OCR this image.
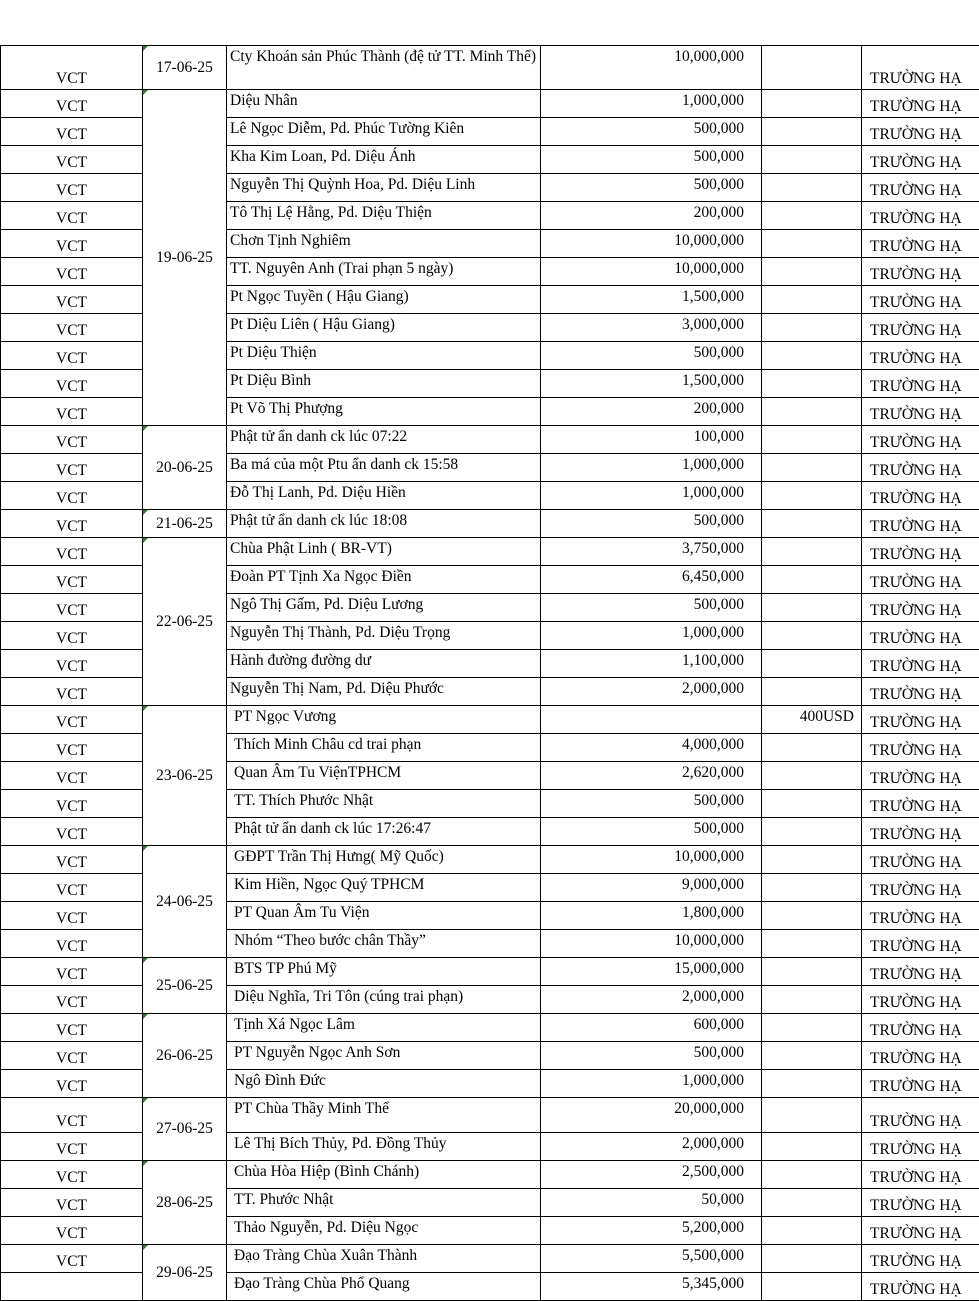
VCT	17-06-25	Cty Khoán sản Phúc Thành (đệ tử TT. Minh Thể)	10,000,000		TRƯỜNG HẠ
VCT	19-06-25	Diệu Nhân	1,000,000		TRƯỜNG HẠ
VCT		Lê Ngọc Diễm, Pd. Phúc Tường Kiên	500,000		TRƯỜNG HẠ
VCT		Kha Kim Loan, Pd. Diệu Ánh	500,000		TRƯỜNG HẠ
VCT		Nguyễn Thị Quỳnh Hoa, Pd. Diệu Linh	500,000		TRƯỜNG HẠ
VCT		Tô Thị Lệ Hằng, Pd. Diệu Thiện	200,000		TRƯỜNG HẠ
VCT		Chơn Tịnh Nghiêm	10,000,000		TRƯỜNG HẠ
VCT		TT. Nguyên Anh (Trai phạn 5 ngày)	10,000,000		TRƯỜNG HẠ
VCT		Pt Ngọc Tuyền ( Hậu Giang)	1,500,000		TRƯỜNG HẠ
VCT		Pt Diệu Liên ( Hậu Giang)	3,000,000		TRƯỜNG HẠ
VCT		Pt Diệu Thiện	500,000		TRƯỜNG HẠ
VCT		Pt Diệu Bình	1,500,000		TRƯỜNG HẠ
VCT		Pt Võ Thị Phượng	200,000		TRƯỜNG HẠ
VCT	20-06-25	Phật tử ẩn danh ck lúc 07:22	100,000		TRƯỜNG HẠ
VCT		Ba má của một Ptu ẩn danh ck 15:58	1,000,000		TRƯỜNG HẠ
VCT		Đỗ Thị Lanh, Pd. Diệu Hiền	1,000,000		TRƯỜNG HẠ
VCT	21-06-25	Phật tử ẩn danh ck lúc 18:08	500,000		TRƯỜNG HẠ
VCT	22-06-25	Chùa Phật Linh ( BR-VT)	3,750,000		TRƯỜNG HẠ
VCT		Đoàn PT Tịnh Xa Ngọc Điền	6,450,000		TRƯỜNG HẠ
VCT		Ngô Thị Gấm, Pd. Diệu Lương	500,000		TRƯỜNG HẠ
VCT		Nguyễn Thị Thành, Pd. Diệu Trọng	1,000,000		TRƯỜNG HẠ
VCT		Hành đường đường dư	1,100,000		TRƯỜNG HẠ
VCT		Nguyễn Thị Nam, Pd. Diệu Phước	2,000,000		TRƯỜNG HẠ
VCT	23-06-25	PT Ngọc Vương		400USD	TRƯỜNG HẠ
VCT		Thích Minh Châu cd trai phạn	4,000,000		TRƯỜNG HẠ
VCT		Quan Âm Tu ViệnTPHCM	2,620,000		TRƯỜNG HẠ
VCT		TT. Thích Phước Nhật	500,000		TRƯỜNG HẠ
VCT		Phật tử ẩn danh ck lúc 17:26:47	500,000		TRƯỜNG HẠ
VCT	24-06-25	GĐPT Trần Thị Hưng( Mỹ Quốc)	10,000,000		TRƯỜNG HẠ
VCT		Kim Hiền, Ngọc Quý TPHCM	9,000,000		TRƯỜNG HẠ
VCT		PT Quan Âm Tu Viện	1,800,000		TRƯỜNG HẠ
VCT		Nhóm “Theo bước chân Thầy”	10,000,000		TRƯỜNG HẠ
VCT	25-06-25	BTS TP Phú Mỹ	15,000,000		TRƯỜNG HẠ
VCT		Diệu Nghĩa, Tri Tôn (cúng trai phạn)	2,000,000		TRƯỜNG HẠ
VCT	26-06-25	Tịnh Xá Ngọc Lâm	600,000		TRƯỜNG HẠ
VCT		PT Nguyễn Ngọc Anh Sơn	500,000		TRƯỜNG HẠ
VCT		Ngô Đình Đức	1,000,000		TRƯỜNG HẠ
VCT	27-06-25	PT Chùa Thầy Minh Thể	20,000,000		TRƯỜNG HẠ
VCT		Lê Thị Bích Thủy, Pd. Đồng Thủy	2,000,000		TRƯỜNG HẠ
VCT	28-06-25	Chùa Hòa Hiệp (Bình Chánh)	2,500,000		TRƯỜNG HẠ
VCT		TT. Phước Nhật	50,000		TRƯỜNG HẠ
VCT		Thảo Nguyễn, Pd. Diệu Ngọc	5,200,000		TRƯỜNG HẠ
VCT	29-06-25	Đạo Tràng Chùa Xuân Thành	5,500,000		TRƯỜNG HẠ
		Đạo Tràng Chùa Phổ Quang	5,345,000		TRƯỜNG HẠ
